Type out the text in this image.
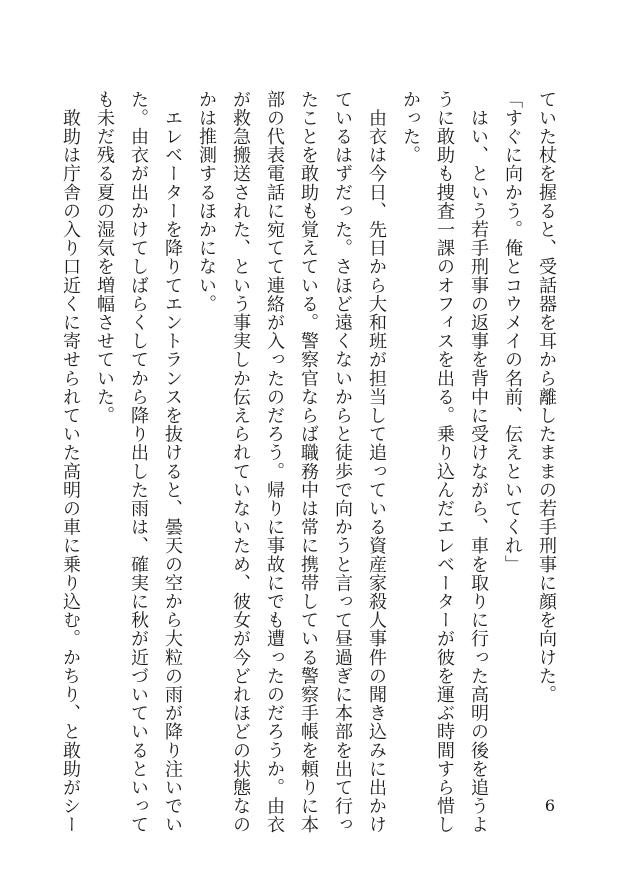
ていた杖を握ると、受話器を耳から離したままの若手刑事に顔を向けた。
「すぐに向かう。俺とコウメイの名前、伝えといてくれ」
　はい、という若手刑事の返事を背中に受けながら、車を取りに行った高明の後を追うよ
うに敢助も捜査一課のオフィスを出る。乗り込んだエレベーターが彼を運ぶ時間すら惜し
かった。
　由衣は今日、先日から大和班が担当して追っている資産家殺人事件の聞き込みに出かけ
ているはずだった。さほど遠くないからと徒歩で向かうと言って昼過ぎに本部を出て行っ
たことを敢助も覚えている。警察官ならば職務中は常に携帯している警察手帳を頼りに本
部の代表電話に宛てて連絡が入ったのだろう。帰りに事故にでも遭ったのだろうか。由衣
が救急搬送された、という事実しか伝えられていないため、彼女が今どれほどの状態なの
かは推測するほかにない。
　エレベーターを降りてエントランスを抜けると、曇天の空から大粒の雨が降り注いでい
た。由衣が出かけてしばらくしてから降り出した雨は、確実に秋が近づいているといって
も未だ残る夏の湿気を増幅させていた。
　敢助は庁舎の入り口近くに寄せられていた高明の車に乗り込む。かちり、と敢助がシー	6
